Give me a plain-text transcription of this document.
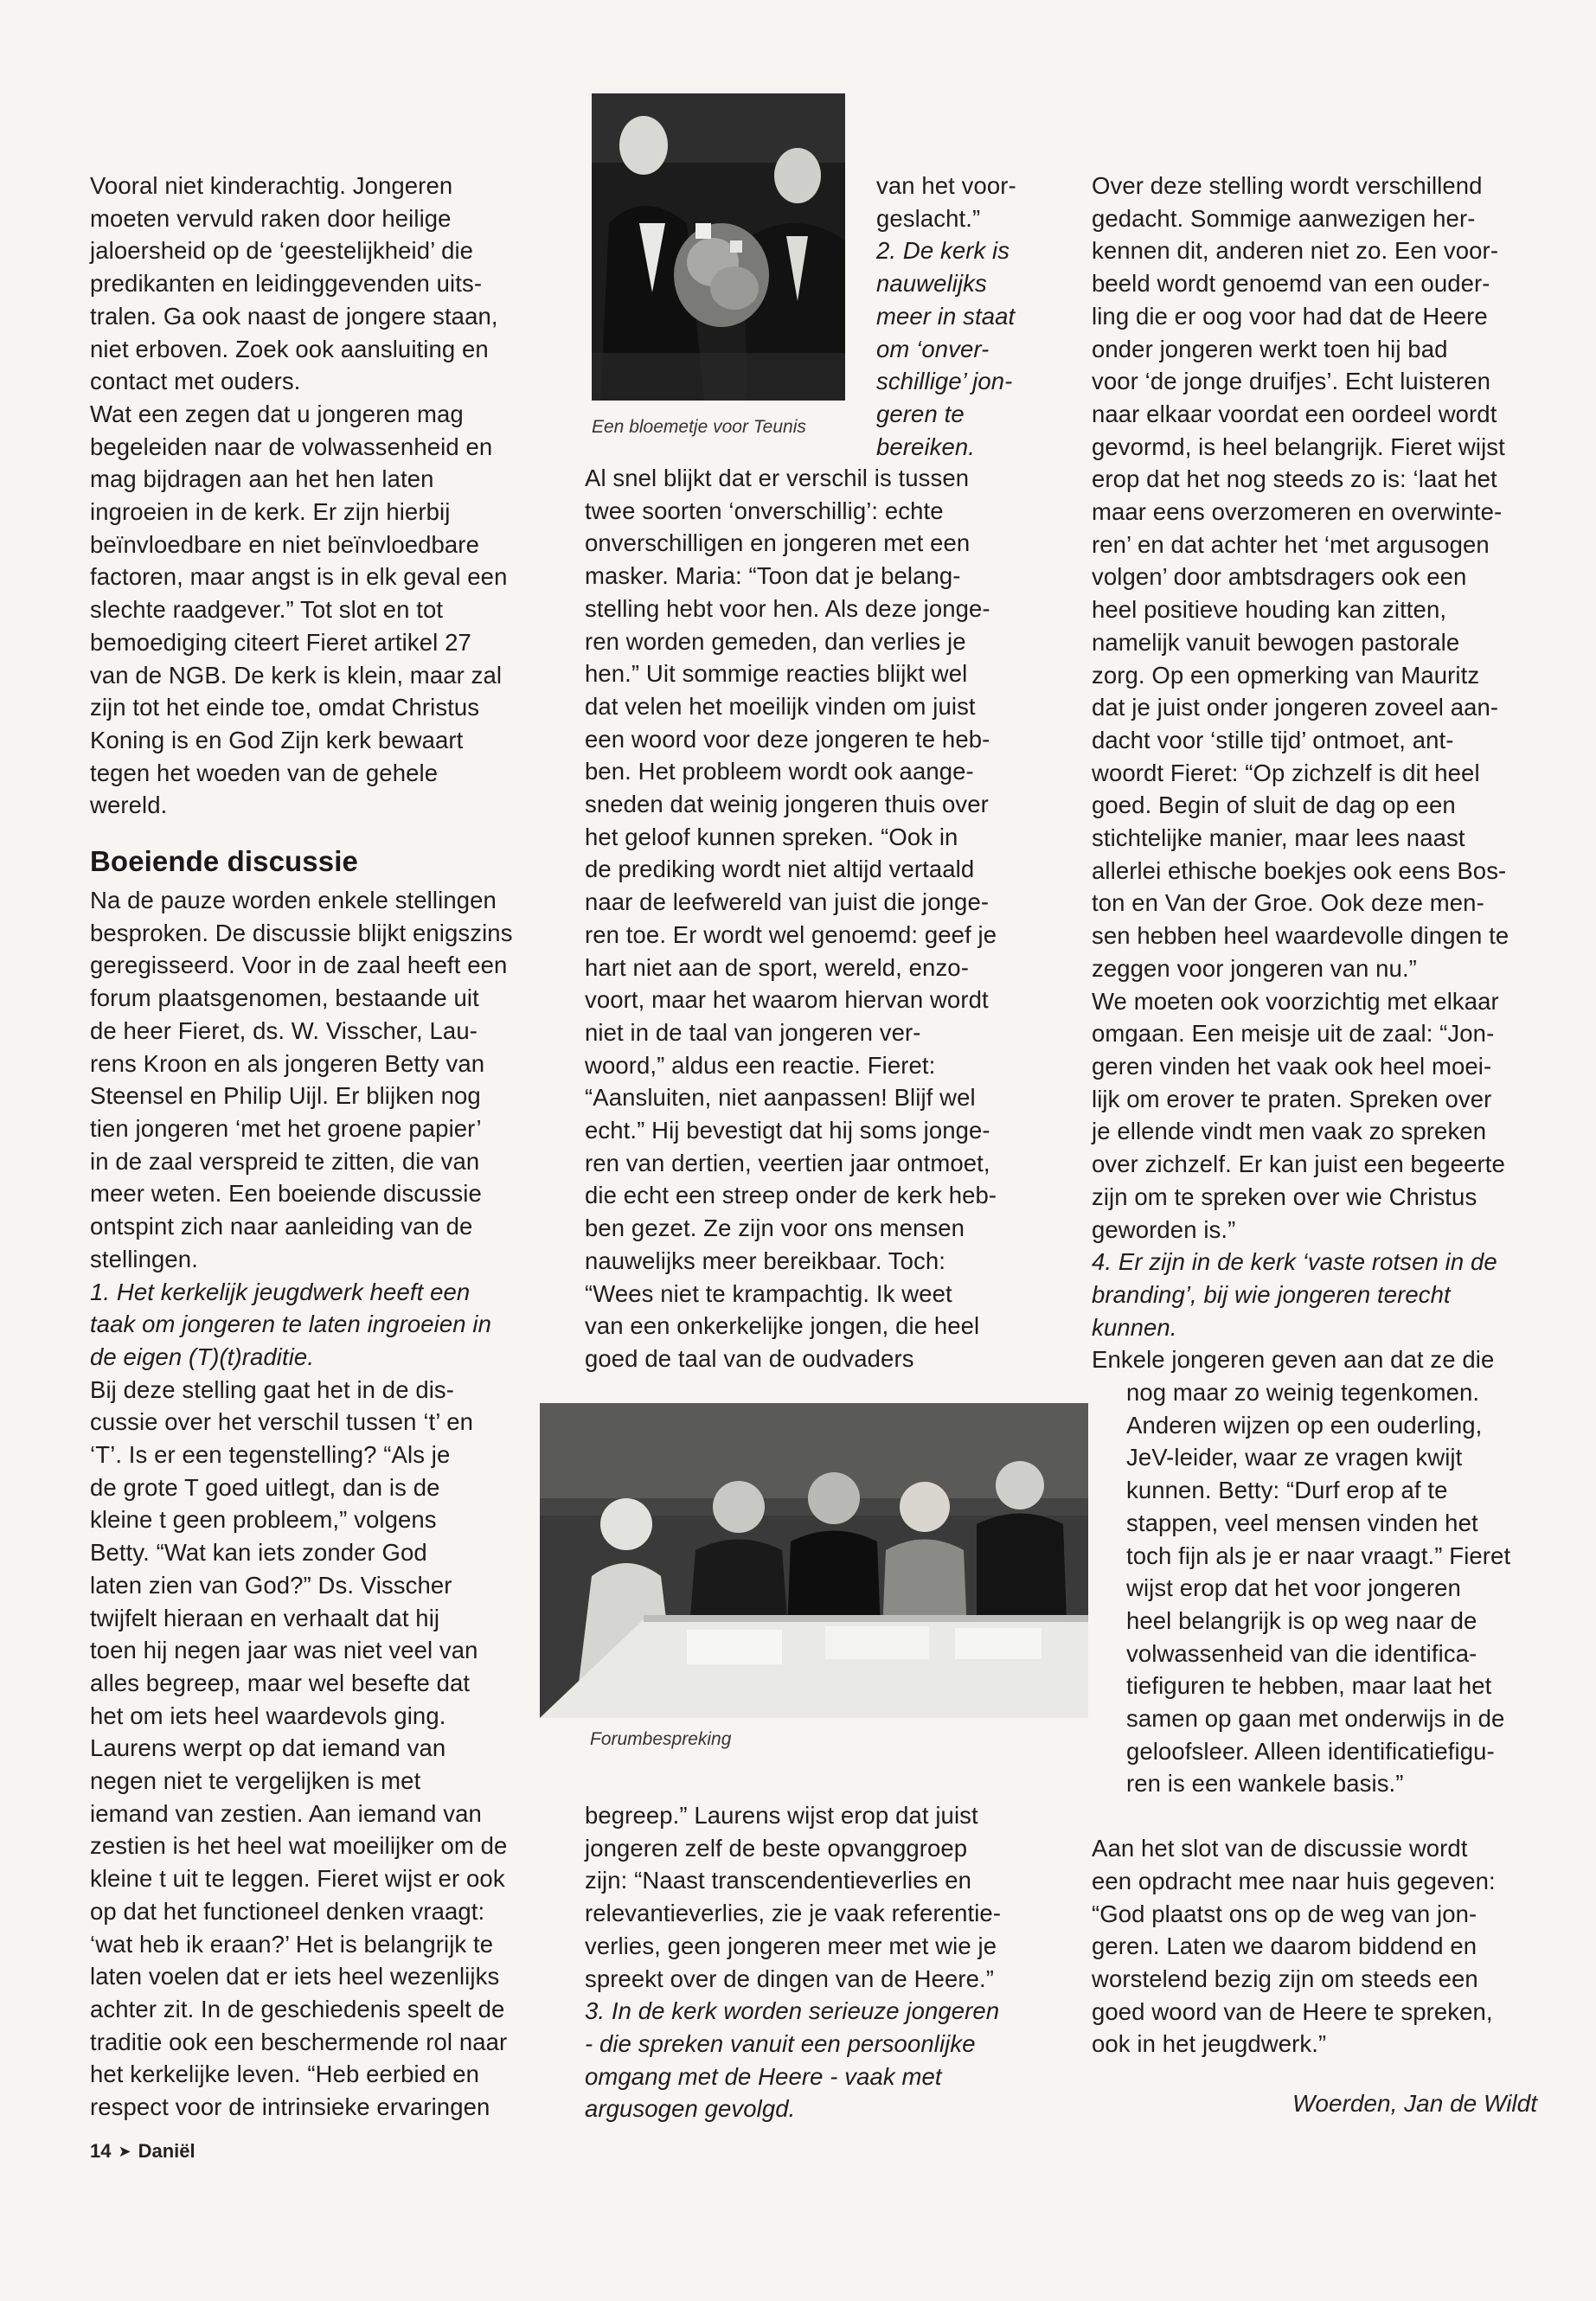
Vooral niet kinderachtig. Jongeren
moeten vervuld raken door heilige
jaloersheid op de ‘geestelijkheid’ die
predikanten en leidinggevenden uits-
tralen. Ga ook naast de jongere staan,
niet erboven. Zoek ook aansluiting en
contact met ouders.

Wat een zegen dat u jongeren mag
begeleiden naar de volwassenheid en
mag bijdragen aan het hen laten
ingroeien in de kerk. Er zijn hierbij
beïnvloedbare en niet beïnvloedbare
factoren, maar angst is in elk geval een
slechte raadgever.” Tot slot en tot
bemoediging citeert Fieret artikel 27
van de NGB. De kerk is klein, maar zal
zijn tot het einde toe, omdat Christus
Koning is en God Zijn kerk bewaart
tegen het woeden van de gehele
wereld.

Boeiende discussie

Na de pauze worden enkele stellingen
besproken. De discussie blijkt enigszins
geregisseerd. Voor in de zaal heeft een
forum plaatsgenomen, bestaande uit
de heer Fieret, ds. W. Visscher, Lau-
rens Kroon en als jongeren Betty van
Steensel en Philip Uijl. Er blijken nog
tien jongeren ‘met het groene papier’
in de zaal verspreid te zitten, die van
meer weten. Een boeiende discussie
ontspint zich naar aanleiding van de
stellingen.

1. Het kerkelijk jeugdwerk heeft een
taak om jongeren te laten ingroeien in
de eigen (T)(t)raditie.

Bij deze stelling gaat het in de dis-
cussie over het verschil tussen ‘t’ en
‘T’. Is er een tegenstelling? “Als je
de grote T goed uitlegt, dan is de
kleine t geen probleem,” volgens
Betty. “Wat kan iets zonder God
laten zien van God?” Ds. Visscher
twijfelt hieraan en verhaalt dat hij
toen hij negen jaar was niet veel van
alles begreep, maar wel besefte dat
het om iets heel waardevols ging.
Laurens werpt op dat iemand van
negen niet te vergelijken is met
iemand van zestien. Aan iemand van
zestien is het heel wat moeilijker om de
kleine t uit te leggen. Fieret wijst er ook
op dat het functioneel denken vraagt:
‘wat heb ik eraan?’ Het is belangrijk te
laten voelen dat er iets heel wezenlijks
achter zit. In de geschiedenis speelt de
traditie ook een beschermende rol naar
het kerkelijke leven. “Heb eerbied en
respect voor de intrinsieke ervaringen

Een bloemetje voor Teunis

van het voor-
geslacht.”

2. De kerk is
nauwelijks
meer in staat
om ‘onver-
schillige’ jon-
geren te
bereiken.

Al snel blijkt dat er verschil is tussen
twee soorten ‘onverschillig’: echte
onverschilligen en jongeren met een
masker. Maria: “Toon dat je belang-
stelling hebt voor hen. Als deze jonge-
ren worden gemeden, dan verlies je
hen.” Uit sommige reacties blijkt wel
dat velen het moeilijk vinden om juist
een woord voor deze jongeren te heb-
ben. Het probleem wordt ook aange-
sneden dat weinig jongeren thuis over
het geloof kunnen spreken. “Ook in
de prediking wordt niet altijd vertaald
naar de leefwereld van juist die jonge-
ren toe. Er wordt wel genoemd: geef je
hart niet aan de sport, wereld, enzo-
voort, maar het waarom hiervan wordt
niet in de taal van jongeren ver-
woord,” aldus een reactie. Fieret:
“Aansluiten, niet aanpassen! Blijf wel
echt.” Hij bevestigt dat hij soms jonge-
ren van dertien, veertien jaar ontmoet,
die echt een streep onder de kerk heb-
ben gezet. Ze zijn voor ons mensen
nauwelijks meer bereikbaar. Toch:
“Wees niet te krampachtig. Ik weet
van een onkerkelijke jongen, die heel
goed de taal van de oudvaders

Forumbespreking

begreep.” Laurens wijst erop dat juist
jongeren zelf de beste opvanggroep
zijn: “Naast transcendentieverlies en
relevantieverlies, zie je vaak referentie-
verlies, geen jongeren meer met wie je
spreekt over de dingen van de Heere.”

3. In de kerk worden serieuze jongeren
- die spreken vanuit een persoonlijke
omgang met de Heere - vaak met
argusogen gevolgd.

Over deze stelling wordt verschillend
gedacht. Sommige aanwezigen her-
kennen dit, anderen niet zo. Een voor-
beeld wordt genoemd van een ouder-
ling die er oog voor had dat de Heere
onder jongeren werkt toen hij bad
voor ‘de jonge druifjes’. Echt luisteren
naar elkaar voordat een oordeel wordt
gevormd, is heel belangrijk. Fieret wijst
erop dat het nog steeds zo is: ‘laat het
maar eens overzomeren en overwinte-
ren’ en dat achter het ‘met argusogen
volgen’ door ambtsdragers ook een
heel positieve houding kan zitten,
namelijk vanuit bewogen pastorale
zorg. Op een opmerking van Mauritz
dat je juist onder jongeren zoveel aan-
dacht voor ‘stille tijd’ ontmoet, ant-
woordt Fieret: “Op zichzelf is dit heel
goed. Begin of sluit de dag op een
stichtelijke manier, maar lees naast
allerlei ethische boekjes ook eens Bos-
ton en Van der Groe. Ook deze men-
sen hebben heel waardevolle dingen te
zeggen voor jongeren van nu.”

We moeten ook voorzichtig met elkaar
omgaan. Een meisje uit de zaal: “Jon-
geren vinden het vaak ook heel moei-
lijk om erover te praten. Spreken over
je ellende vindt men vaak zo spreken
over zichzelf. Er kan juist een begeerte
zijn om te spreken over wie Christus
geworden is.”

4. Er zijn in de kerk ‘vaste rotsen in de
branding’, bij wie jongeren terecht
kunnen.

Enkele jongeren geven aan dat ze die

nog maar zo weinig tegenkomen.
Anderen wijzen op een ouderling,
JeV-leider, waar ze vragen kwijt
kunnen. Betty: “Durf erop af te
stappen, veel mensen vinden het
toch fijn als je er naar vraagt.” Fieret
wijst erop dat het voor jongeren
heel belangrijk is op weg naar de
volwassenheid van die identifica-
tiefiguren te hebben, maar laat het
samen op gaan met onderwijs in de
geloofsleer. Alleen identificatiefigu-
ren is een wankele basis.”

Aan het slot van de discussie wordt
een opdracht mee naar huis gegeven:
“God plaatst ons op de weg van jon-
geren. Laten we daarom biddend en
worstelend bezig zijn om steeds een
goed woord van de Heere te spreken,
ook in het jeugdwerk.”

Woerden, Jan de Wildt
14 ➤ Daniël
